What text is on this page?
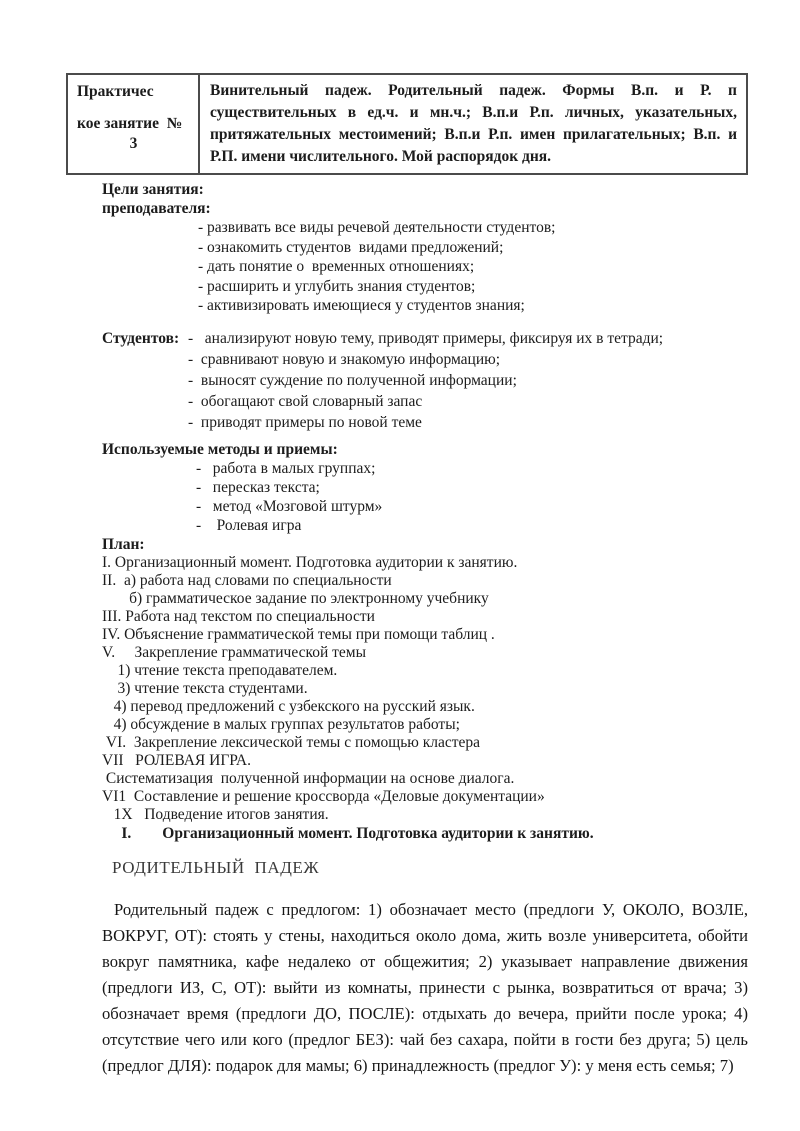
Практичес
кое занятие  №
3
Винительный падеж. Родительный падеж. Формы В.п. и Р. п существительных в ед.ч. и мн.ч.; В.п.и Р.п. личных, указательных, притяжательных местоимений; В.п.и Р.п. имен прилагательных; В.п. и Р.П. имени числительного. Мой распорядок дня.
Цели занятия:
преподавателя:
- развивать все виды речевой деятельности студентов;
- ознакомить студентов  видами предложений;
- дать понятие о  временных отношениях;
- расширить и углубить знания студентов;
- активизировать имеющиеся у студентов знания;
Студентов: -   анализируют новую тему, приводят примеры, фиксируя их в тетради;
-  сравнивают новую и знакомую информацию;
-  выносят суждение по полученной информации;
-  обогащают свой словарный запас
-  приводят примеры по новой теме
Используемые методы и приемы:
-   работа в малых группах;
-   пересказ текста;
-   метод «Мозговой штурм»
-    Ролевая игра
План:
I. Организационный момент. Подготовка аудитории к занятию.
II.  а) работа над словами по специальности
б) грамматическое задание по электронному учебнику
III. Работа над текстом по специальности
IV. Объяснение грамматической темы при помощи таблиц .
V.     Закрепление грамматической темы
1) чтение текста преподавателем.
3) чтение текста студентами.
4) перевод предложений с узбекского на русский язык.
4) обсуждение в малых группах результатов работы;
VI.  Закрепление лексической темы с помощью кластера
VII   РОЛЕВАЯ ИГРА.
Систематизация  полученной информации на основе диалога.
VI1  Составление и решение кроссворда «Деловые документации»
1X   Подведение итогов занятия.
I.        Организационный момент. Подготовка аудитории к занятию.
РОДИТЕЛЬНЫЙ  ПАДЕЖ
Родительный падеж с предлогом: 1) обозначает место (предлоги У, ОКОЛО, ВОЗЛЕ, ВОКРУГ, ОТ): стоять у стены, находиться около дома, жить возле университета, обойти вокруг памятника, кафе недалеко от общежития; 2) указывает направление движения (предлоги ИЗ, С, ОТ): выйти из комнаты, принести с рынка, возвратиться от врача; 3) обозначает время (предлоги ДО, ПОСЛЕ): отдыхать до вечера, прийти после урока; 4) отсутствие чего или кого (предлог БЕЗ): чай без сахара, пойти в гости без друга; 5) цель (предлог ДЛЯ): подарок для мамы; 6) принадлежность (предлог У): у меня есть семья; 7)
